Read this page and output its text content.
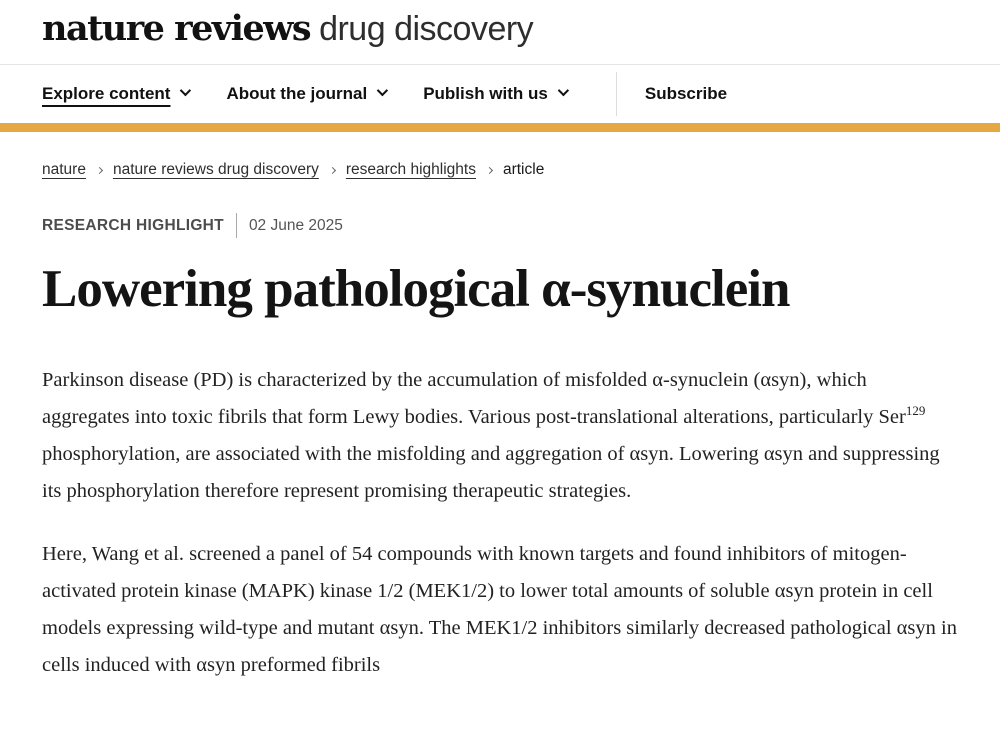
nature reviews drug discovery
Explore content	About the journal	Publish with us	Subscribe
nature nature reviews drug discovery research highlights article
RESEARCH HIGHLIGHT 02 June 2025
Lowering pathological α-synuclein

Parkinson disease (PD) is characterized by the accumulation of misfolded α-synuclein (αsyn), which aggregates into toxic fibrils that form Lewy bodies. Various post-translational alterations, particularly Ser$^{129}$ phosphorylation, are associated with the misfolding and aggregation of αsyn. Lowering αsyn and suppressing its phosphorylation therefore represent promising therapeutic strategies.

Here, Wang et al. screened a panel of 54 compounds with known targets and found inhibitors of mitogen-activated protein kinase (MAPK) kinase 1/2 (MEK1/2) to lower total amounts of soluble αsyn protein in cell models expressing wild-type and mutant αsyn. The MEK1/2 inhibitors similarly decreased pathological αsyn in cells induced with αsyn preformed fibrils
